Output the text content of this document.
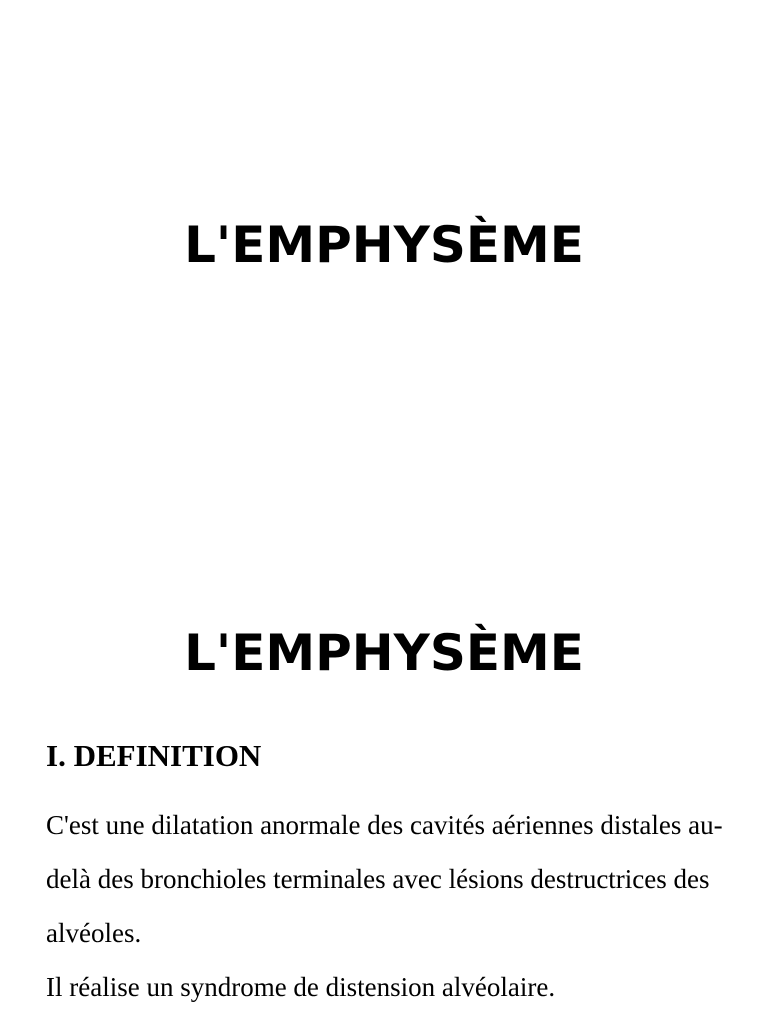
L'EMPHYSÈME
L'EMPHYSÈME
I. DEFINITION

C'est une dilatation anormale des cavités aériennes distales au-delà des bronchioles terminales avec lésions destructrices des alvéoles.

Il réalise un syndrome de distension alvéolaire.
